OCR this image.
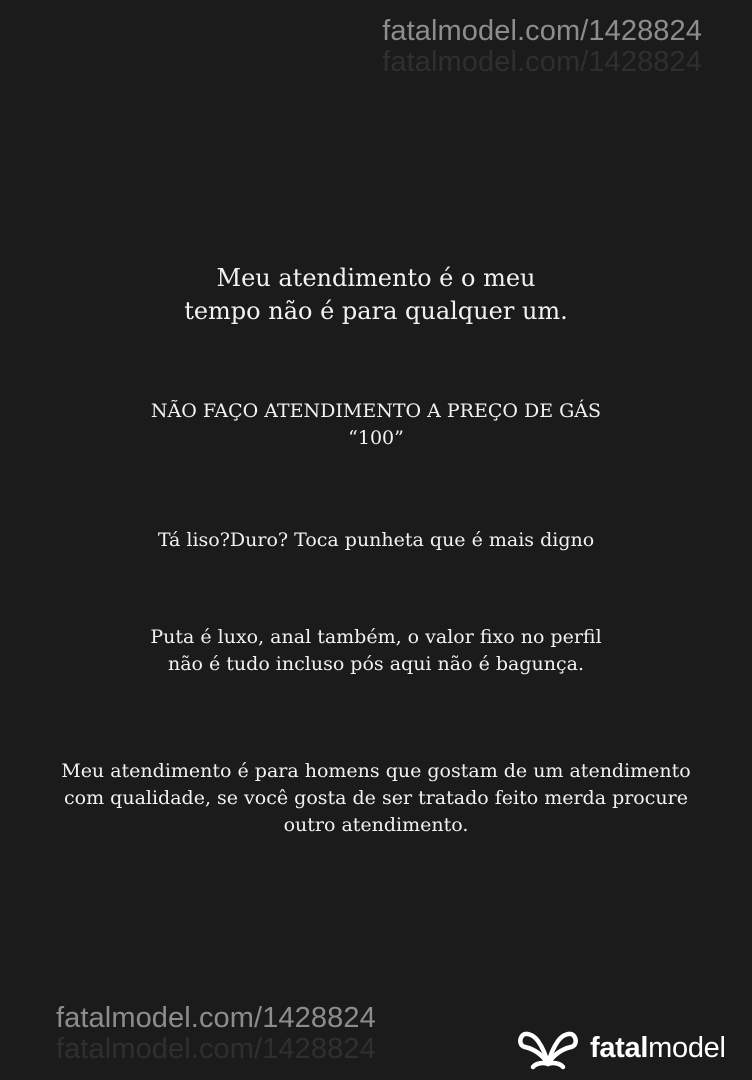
fatalmodel.com/1428824
fatalmodel.com/1428824
Meu atendimento é o meu
tempo não é para qualquer um.
NÃO FAÇO ATENDIMENTO A PREÇO DE GÁS
“100”
Tá liso?Duro? Toca punheta que é mais digno
Puta é luxo, anal também, o valor fixo no perfil
não é tudo incluso pós aqui não é bagunça.
Meu atendimento é para homens que gostam de um atendimento
com qualidade, se você gosta de ser tratado feito merda procure
outro atendimento.
fatalmodel.com/1428824
fatalmodel.com/1428824	fatalmodel
